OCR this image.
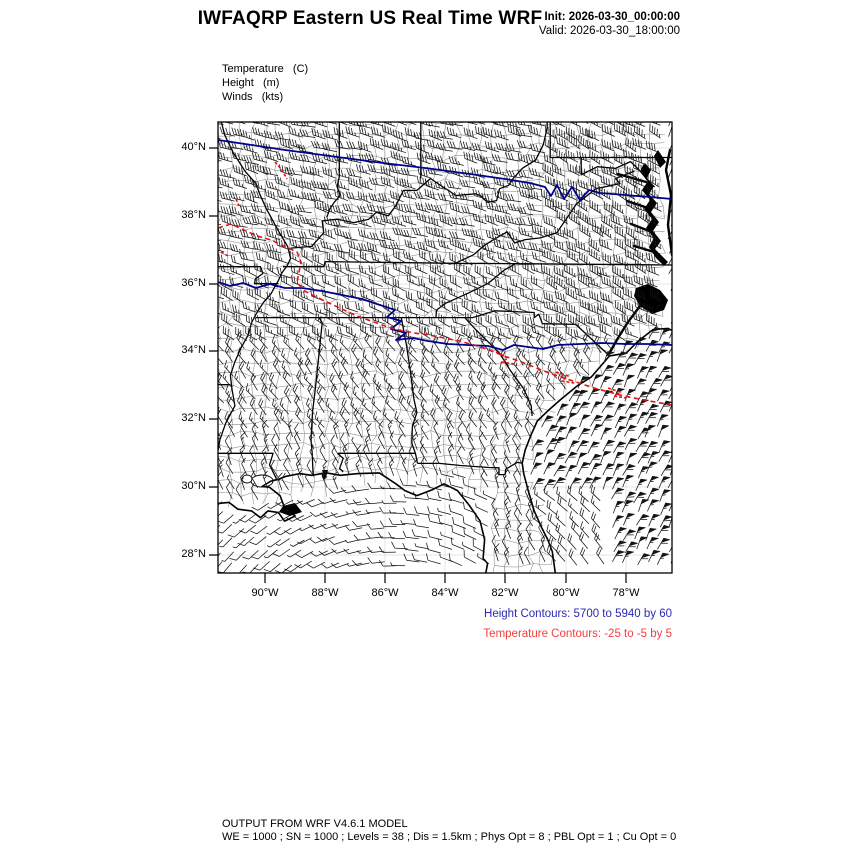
IWFAQRP Eastern US Real Time WRF Init: 2026-03-30_00:00:00
Valid: 2026-03-30_18:00:00
Temperature   (C)
Height   (m)
Winds   (kts)
Height Contours: 5700 to 5940 by 60
Temperature Contours: -25 to -5 by 5
OUTPUT FROM WRF V4.6.1 MODEL
WE = 1000 ; SN = 1000 ; Levels = 38 ; Dis = 1.5km ; Phys Opt = 8 ; PBL Opt = 1 ; Cu Opt = 0
40°N
38°N
36°N
34°N
32°N
30°N
28°N
90°W	88°W	86°W	84°W	82°W	80°W	78°W
